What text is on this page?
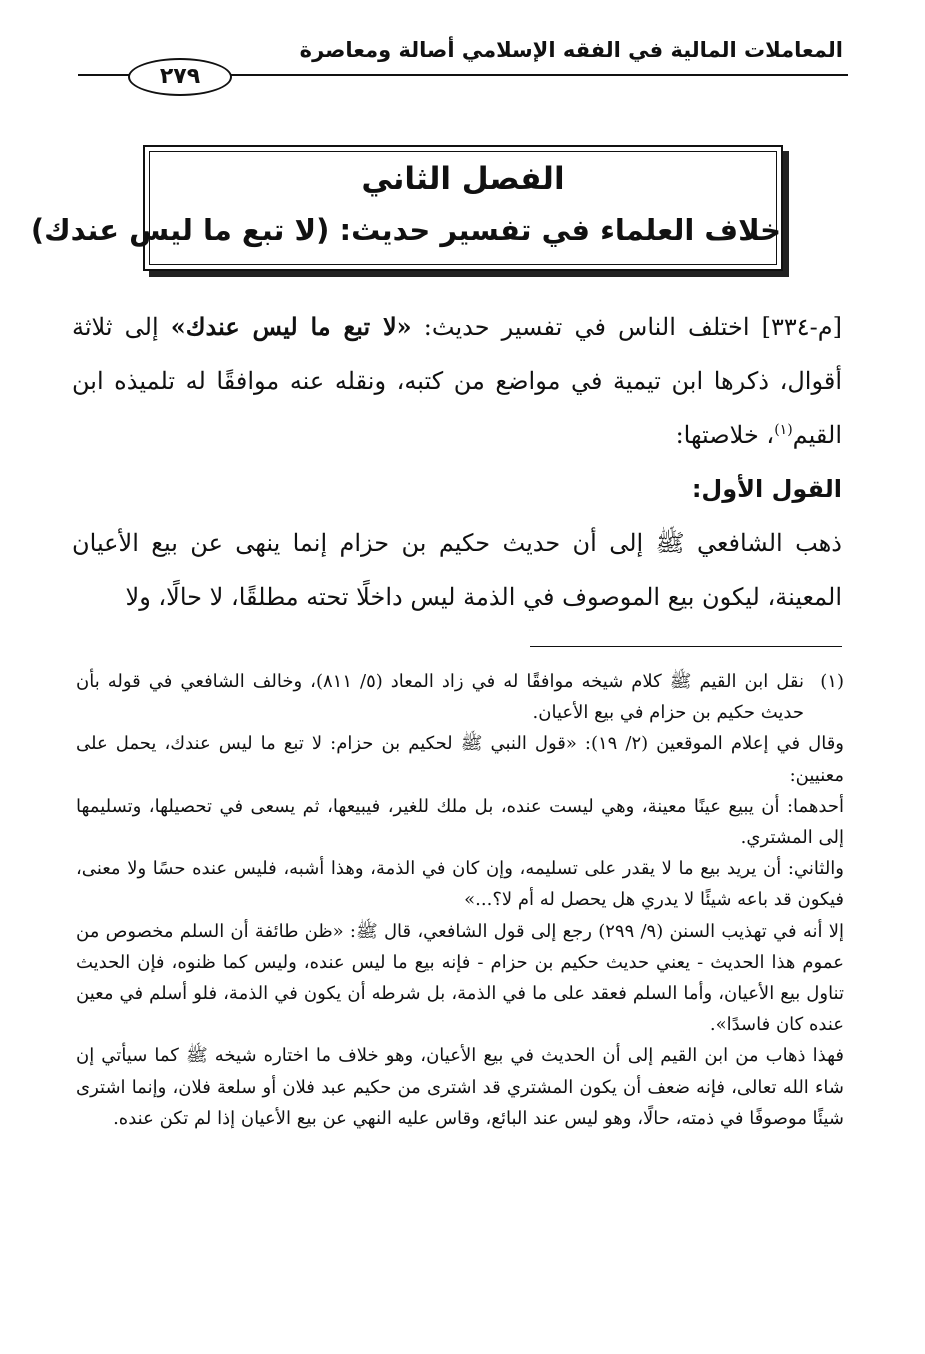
المعاملات المالية في الفقه الإسلامي أصالة ومعاصرة
٢٧٩
الفصل الثاني
خلاف العلماء في تفسير حديث: (لا تبع ما ليس عندك)

[م-٣٣٤] اختلف الناس في تفسير حديث: «لا تبع ما ليس عندك» إلى ثلاثة أقوال، ذكرها ابن تيمية في مواضع من كتبه، ونقله عنه موافقًا له تلميذه ابن القيم$^{(١)}$، خلاصتها:

القول الأول:

ذهب الشافعي ﷺ إلى أن حديث حكيم بن حزام إنما ينهى عن بيع الأعيان المعينة، ليكون بيع الموصوف في الذمة ليس داخلًا تحته مطلقًا، لا حالًا، ولا

(١)نقل ابن القيم ﷺ كلام شيخه موافقًا له في زاد المعاد (٥/ ٨١١)، وخالف الشافعي في قوله بأن حديث حكيم بن حزام في بيع الأعيان.

وقال في إعلام الموقعين (٢/ ١٩): «قول النبي ﷺ لحكيم بن حزام: لا تبع ما ليس عندك، يحمل على معنيين:

أحدهما: أن يبيع عينًا معينة، وهي ليست عنده، بل ملك للغير، فيبيعها، ثم يسعى في تحصيلها، وتسليمها إلى المشتري.

والثاني: أن يريد بيع ما لا يقدر على تسليمه، وإن كان في الذمة، وهذا أشبه، فليس عنده حسًا ولا معنى، فيكون قد باعه شيئًا لا يدري هل يحصل له أم لا؟...»

إلا أنه في تهذيب السنن (٩/ ٢٩٩) رجع إلى قول الشافعي، قال ﷺ: «ظن طائفة أن السلم مخصوص من عموم هذا الحديث - يعني حديث حكيم بن حزام - فإنه بيع ما ليس عنده، وليس كما ظنوه، فإن الحديث تناول بيع الأعيان، وأما السلم فعقد على ما في الذمة، بل شرطه أن يكون في الذمة، فلو أسلم في معين عنده كان فاسدًا».

فهذا ذهاب من ابن القيم إلى أن الحديث في بيع الأعيان، وهو خلاف ما اختاره شيخه ﷺ كما سيأتي إن شاء الله تعالى، فإنه ضعف أن يكون المشتري قد اشترى من حكيم عبد فلان أو سلعة فلان، وإنما اشترى شيئًا موصوفًا في ذمته، حالًا، وهو ليس عند البائع، وقاس عليه النهي عن بيع الأعيان إذا لم تكن عنده.
